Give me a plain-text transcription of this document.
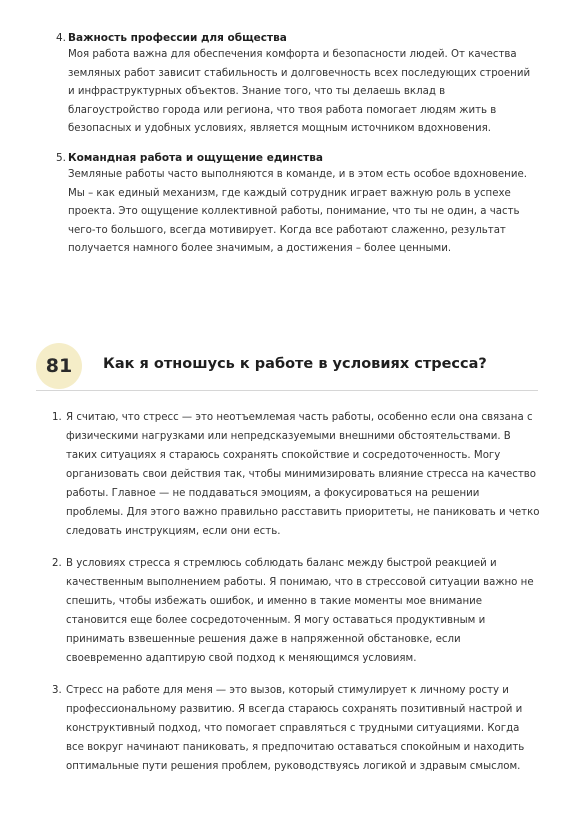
4. Важность профессии для общества
Моя работа важна для обеспечения комфорта и безопасности людей. От качества земляных работ зависит стабильность и долговечность всех последующих строений и инфраструктурных объектов. Знание того, что ты делаешь вклад в благоустройство города или региона, что твоя работа помогает людям жить в безопасных и удобных условиях, является мощным источником вдохновения.
5. Командная работа и ощущение единства
Земляные работы часто выполняются в команде, и в этом есть особое вдохновение. Мы – как единый механизм, где каждый сотрудник играет важную роль в успехе проекта. Это ощущение коллективной работы, понимание, что ты не один, а часть чего-то большого, всегда мотивирует. Когда все работают слаженно, результат получается намного более значимым, а достижения – более ценными.
81	Как я отношусь к работе в условиях стресса?
1. Я считаю, что стресс — это неотъемлемая часть работы, особенно если она связана с физическими нагрузками или непредсказуемыми внешними обстоятельствами. В таких ситуациях я стараюсь сохранять спокойствие и сосредоточенность. Могу организовать свои действия так, чтобы минимизировать влияние стресса на качество работы. Главное — не поддаваться эмоциям, а фокусироваться на решении проблемы. Для этого важно правильно расставить приоритеты, не паниковать и четко следовать инструкциям, если они есть.
2. В условиях стресса я стремлюсь соблюдать баланс между быстрой реакцией и качественным выполнением работы. Я понимаю, что в стрессовой ситуации важно не спешить, чтобы избежать ошибок, и именно в такие моменты мое внимание становится еще более сосредоточенным. Я могу оставаться продуктивным и принимать взвешенные решения даже в напряженной обстановке, если своевременно адаптирую свой подход к меняющимся условиям.
3. Стресс на работе для меня — это вызов, который стимулирует к личному росту и профессиональному развитию. Я всегда стараюсь сохранять позитивный настрой и конструктивный подход, что помогает справляться с трудными ситуациями. Когда все вокруг начинают паниковать, я предпочитаю оставаться спокойным и находить оптимальные пути решения проблем, руководствуясь логикой и здравым смыслом.
